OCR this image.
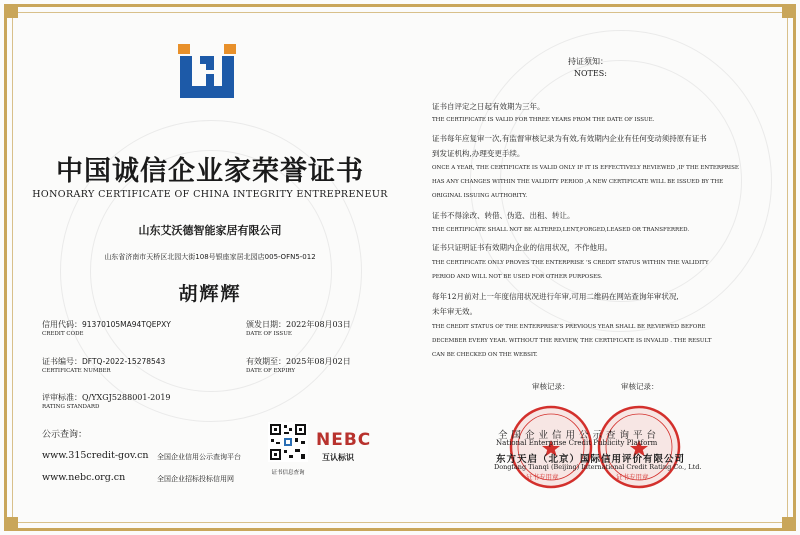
中国诚信企业家荣誉证书
HONORARY CERTIFICATE OF CHINA INTEGRITY ENTREPRENEUR
山东艾沃德智能家居有限公司
山东省济南市天桥区北园大街108号银座家居北园店005-OFN5-012
胡辉辉
信用代码：91370105MA94TQEPXY
CREDIT CODE
颁发日期：2022年08月03日
DATE OF ISSUE
证书编号：DFTQ-2022-15278543
CERTIFICATE NUMBER
有效期至：2025年08月02日
DATE OF EXPIRY
评审标准：Q/YXGJ5288001-2019
RATING STANDARD
公示查询：
www.315credit-gov.cn 全国企业信用公示查询平台
www.nebc.org.cn	全国企业招标投标信用网
证书信息查询
NEBC
互认标识
持证须知：
NOTES:
证书自评定之日起有效期为三年。
THE CERTIFICATE IS VALID FOR THREE YEARS FROM THE DATE OF ISSUE.
证书每年应复审一次,有监督审核记录为有效,有效期内企业有任何变动须持原有证书
到发证机构,办理变更手续。
ONCE A YEAR, THE CERTIFICATE IS VALID ONLY IF IT IS EFFECTIVELY REVIEWED ,IF THE ENTERPRISE
HAS ANY CHANGES WITHIN THE VALIDITY PERIOD ,A NEW CERTIFICATE WILL BE ISSUED BY THE
ORIGINAL ISSUING AUTHORITY.
证书不得涂改、转借、伪造、出租、转让。
THE CERTIFICATE SHALL NOT BE ALTERED,LENT,FORGED,LEASED OR TRANSFERRED.
证书只证明证书有效期内企业的信用状况，不作他用。
THE CERTIFICATE ONLY PROVES THE ENTERPRISE ’S CREDIT STATUS WITHIN THE VALIDITY
PERIOD AND WILL NOT BE USED FOR OTHER PURPOSES.
每年12月前对上一年度信用状况进行年审,可用二维码在网站查询年审状况,
未年审无效。
THE CREDIT STATUS OF THE ENTERPRISE’S PREVIOUS YEAR SHALL BE REVIEWED BEFORE
DECEMBER EVERY YEAR. WITHOUT THE REVIEW, THE CERTIFICATE IS INVALID . THE RESULT
CAN BE CHECKED ON THE WEBSIT.
审核记录：	审核记录：
证书专用章	证书专用章
全国企业信用公示查询平台
National Enterprise Credit Publicity Platform
东方天启（北京）国际信用评价有限公司
Dongfang Tianqi (Beijing) International Credit Rating Co., Ltd.
